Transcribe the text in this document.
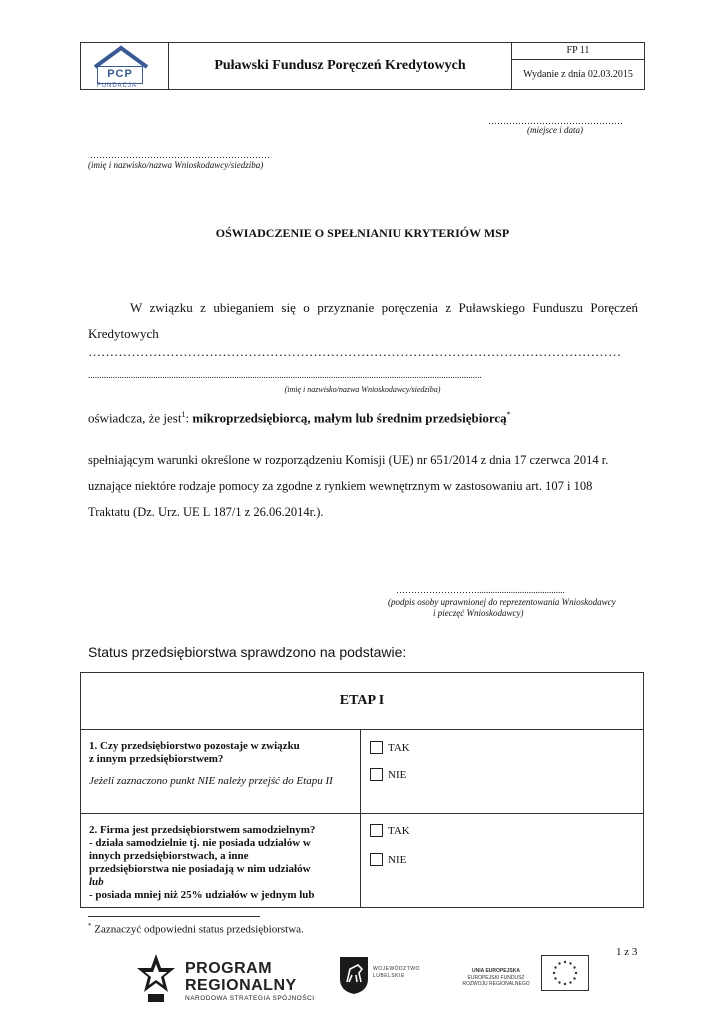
PCP
FUNDACJA
Puławski Fundusz Poręczeń Kredytowych
FP 11
Wydanie z dnia 02.03.2015
………………………………………
(miejsce i data)
……………………………………………………
(imię i nazwisko/nazwa Wnioskodawcy/siedziba)
OŚWIADCZENIE O SPEŁNIANIU KRYTERIÓW MSP
W związku z ubieganiem się o przyznanie poręczenia z Puławskiego Funduszu Poręczeń Kredytowych
……………………………………………………………………………………………………………
...............................................................................................................................................................................
(imię i nazwisko/nazwa Wnioskodawcy/siedziba)
oświadcza, że jest$^1$: mikroprzedsiębiorcą, małym lub średnim przedsiębiorcą*
spełniającym warunki określone w rozporządzeniu Komisji (UE) nr 651/2014 z dnia 17 czerwca 2014 r.
uznające niektóre rodzaje pomocy za zgodne z rynkiem wewnętrznym w zastosowaniu art. 107 i 108
Traktatu (Dz. Urz. UE L 187/1 z 26.06.2014r.).
……………………….......................................
(podpis osoby uprawnionej do reprezentowania Wnioskodawcy
i pieczęć Wnioskodawcy)
Status przedsiębiorstwa sprawdzono na podstawie:
ETAP I
1. Czy przedsiębiorstwo pozostaje w związku
z innym przedsiębiorstwem?
Jeżeli zaznaczono punkt NIE należy przejść do Etapu II
TAK
NIE
2. Firma jest przedsiębiorstwem samodzielnym?
- działa samodzielnie tj. nie posiada udziałów w
innych przedsiębiorstwach, a inne
przedsiębiorstwa nie posiadają w nim udziałów
lub
- posiada mniej niż 25% udziałów w jednym lub
TAK
NIE
* Zaznaczyć odpowiedni status przedsiębiorstwa.
1 z 3
PROGRAM
REGIONALNY
NARODOWA STRATEGIA SPÓJNOŚCI
WOJEWÓDZTWO
LUBELSKIE
UNIA EUROPEJSKA
EUROPEJSKI FUNDUSZ
ROZWOJU REGIONALNEGO
